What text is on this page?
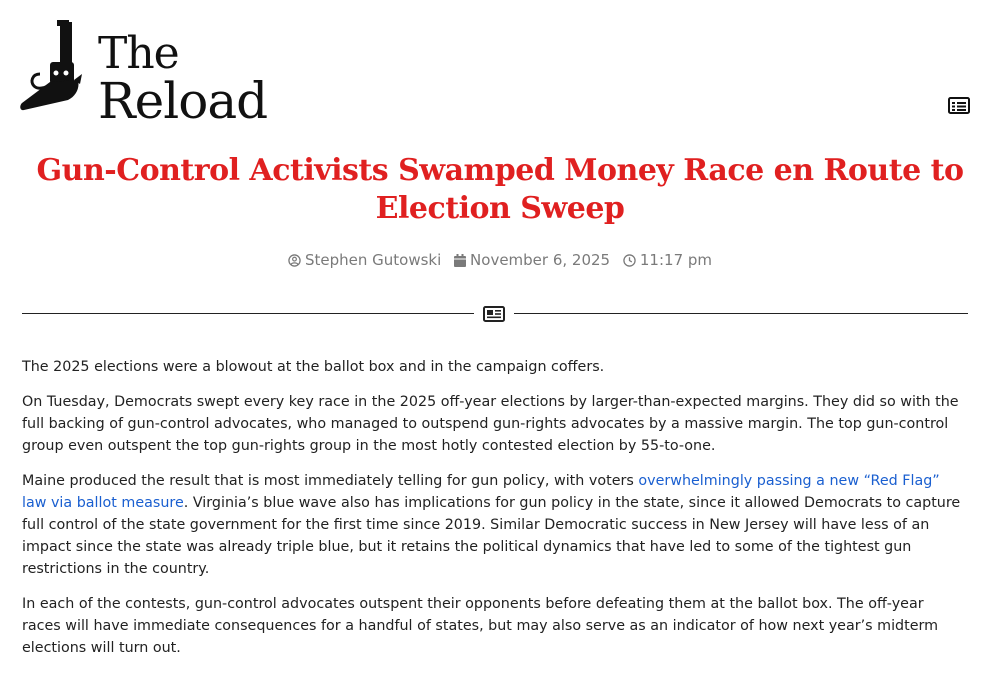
The
Reload
Gun-Control Activists Swamped Money Race en Route to Election Sweep
Stephen Gutowski
November 6, 2025
11:17 pm

The 2025 elections were a blowout at the ballot box and in the campaign coffers.

On Tuesday, Democrats swept every key race in the 2025 off-year elections by larger-than-expected margins. They did so with the full backing of gun-control advocates, who managed to outspend gun-rights advocates by a massive margin. The top gun-control group even outspent the top gun-rights group in the most hotly contested election by 55-to-one.

Maine produced the result that is most immediately telling for gun policy, with voters overwhelmingly passing a new “Red Flag” law via ballot measure. Virginia’s blue wave also has implications for gun policy in the state, since it allowed Democrats to capture full control of the state government for the first time since 2019. Similar Democratic success in New Jersey will have less of an impact since the state was already triple blue, but it retains the political dynamics that have led to some of the tightest gun restrictions in the country.

In each of the contests, gun-control advocates outspent their opponents before defeating them at the ballot box. The off-year races will have immediate consequences for a handful of states, but may also serve as an indicator of how next year’s midterm elections will turn out.
